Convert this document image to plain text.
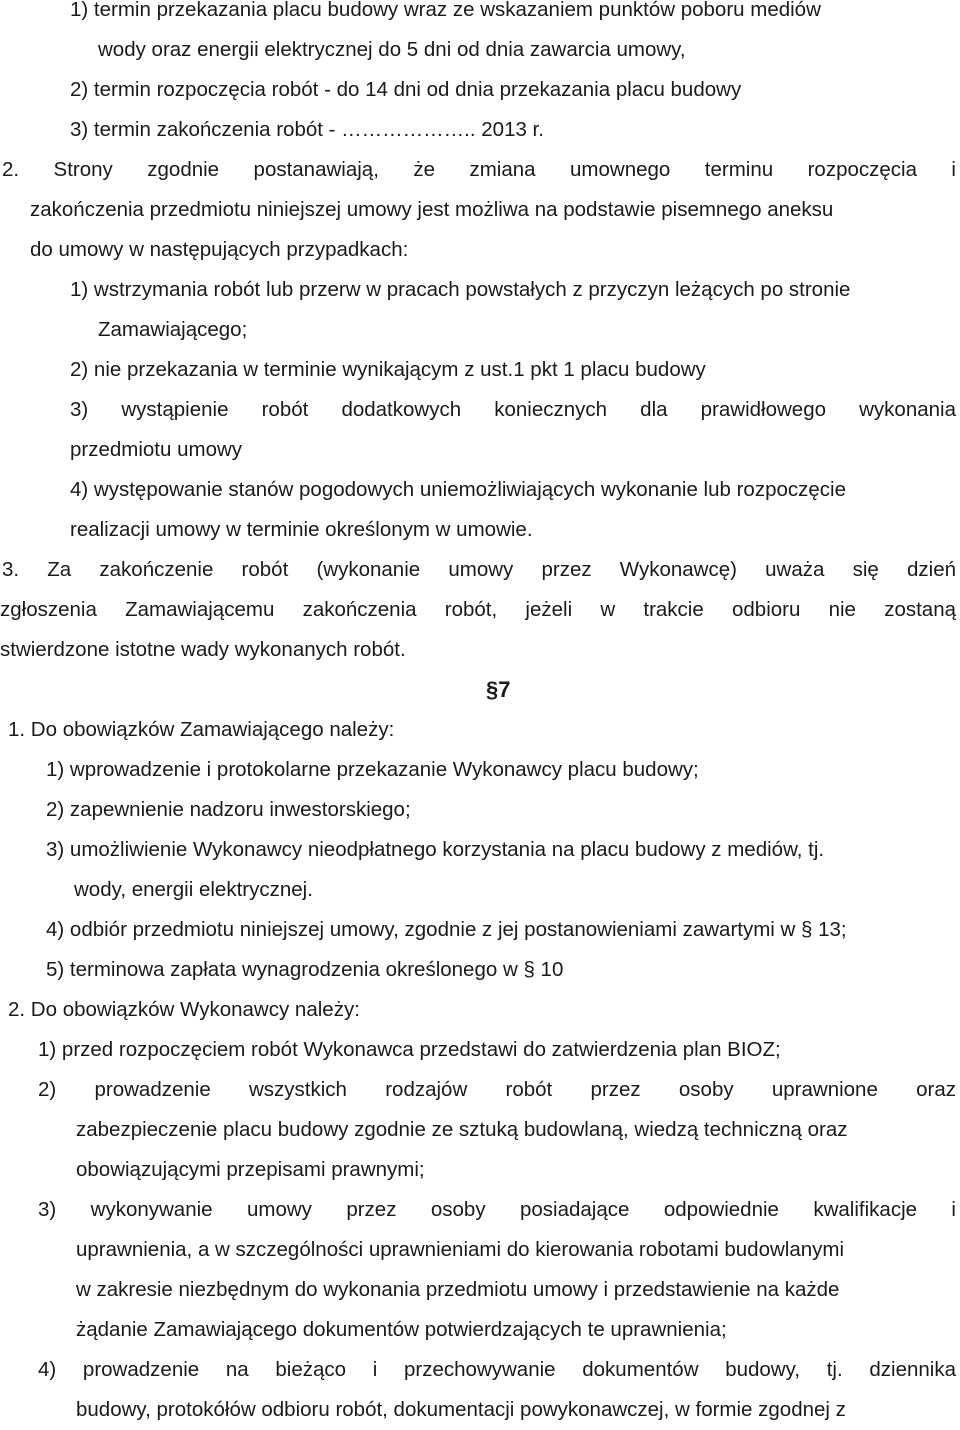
1) termin przekazania placu budowy wraz ze wskazaniem punktów poboru mediów
wody oraz energii elektrycznej do 5 dni od dnia zawarcia umowy,
2) termin rozpoczęcia robót - do 14 dni od dnia przekazania placu budowy
3) termin zakończenia robót - ……………….. 2013 r.
2. Strony zgodnie postanawiają, że zmiana umownego terminu rozpoczęcia i
zakończenia przedmiotu niniejszej umowy jest możliwa na podstawie pisemnego aneksu
do umowy w następujących przypadkach:
1) wstrzymania robót lub przerw w pracach powstałych z przyczyn leżących po stronie
Zamawiającego;
2) nie przekazania w terminie wynikającym z ust.1 pkt 1 placu budowy
3) wystąpienie robót dodatkowych koniecznych dla prawidłowego wykonania
przedmiotu umowy
4) występowanie stanów pogodowych uniemożliwiających wykonanie lub rozpoczęcie
realizacji umowy w terminie określonym w umowie.
3. Za zakończenie robót (wykonanie umowy przez Wykonawcę) uważa się dzień
zgłoszenia Zamawiającemu zakończenia robót, jeżeli w trakcie odbioru nie zostaną
stwierdzone istotne wady wykonanych robót.
§7
1. Do obowiązków Zamawiającego należy:
1) wprowadzenie i protokolarne przekazanie Wykonawcy placu budowy;
2) zapewnienie nadzoru inwestorskiego;
3) umożliwienie Wykonawcy nieodpłatnego korzystania na placu budowy z mediów, tj.
wody, energii elektrycznej.
4) odbiór przedmiotu niniejszej umowy, zgodnie z jej postanowieniami zawartymi w § 13;
5) terminowa zapłata wynagrodzenia określonego w § 10
2. Do obowiązków Wykonawcy należy:
1) przed rozpoczęciem robót Wykonawca przedstawi do zatwierdzenia plan BIOZ;
2) prowadzenie wszystkich rodzajów robót przez osoby uprawnione oraz
zabezpieczenie placu budowy zgodnie ze sztuką budowlaną, wiedzą techniczną oraz
obowiązującymi przepisami prawnymi;
3) wykonywanie umowy przez osoby posiadające odpowiednie kwalifikacje i
uprawnienia, a w szczególności uprawnieniami do kierowania robotami budowlanymi
w zakresie niezbędnym do wykonania przedmiotu umowy i przedstawienie na każde
żądanie Zamawiającego dokumentów potwierdzających te uprawnienia;
4) prowadzenie na bieżąco i przechowywanie dokumentów budowy, tj. dziennika
budowy, protokółów odbioru robót, dokumentacji powykonawczej, w formie zgodnej z
